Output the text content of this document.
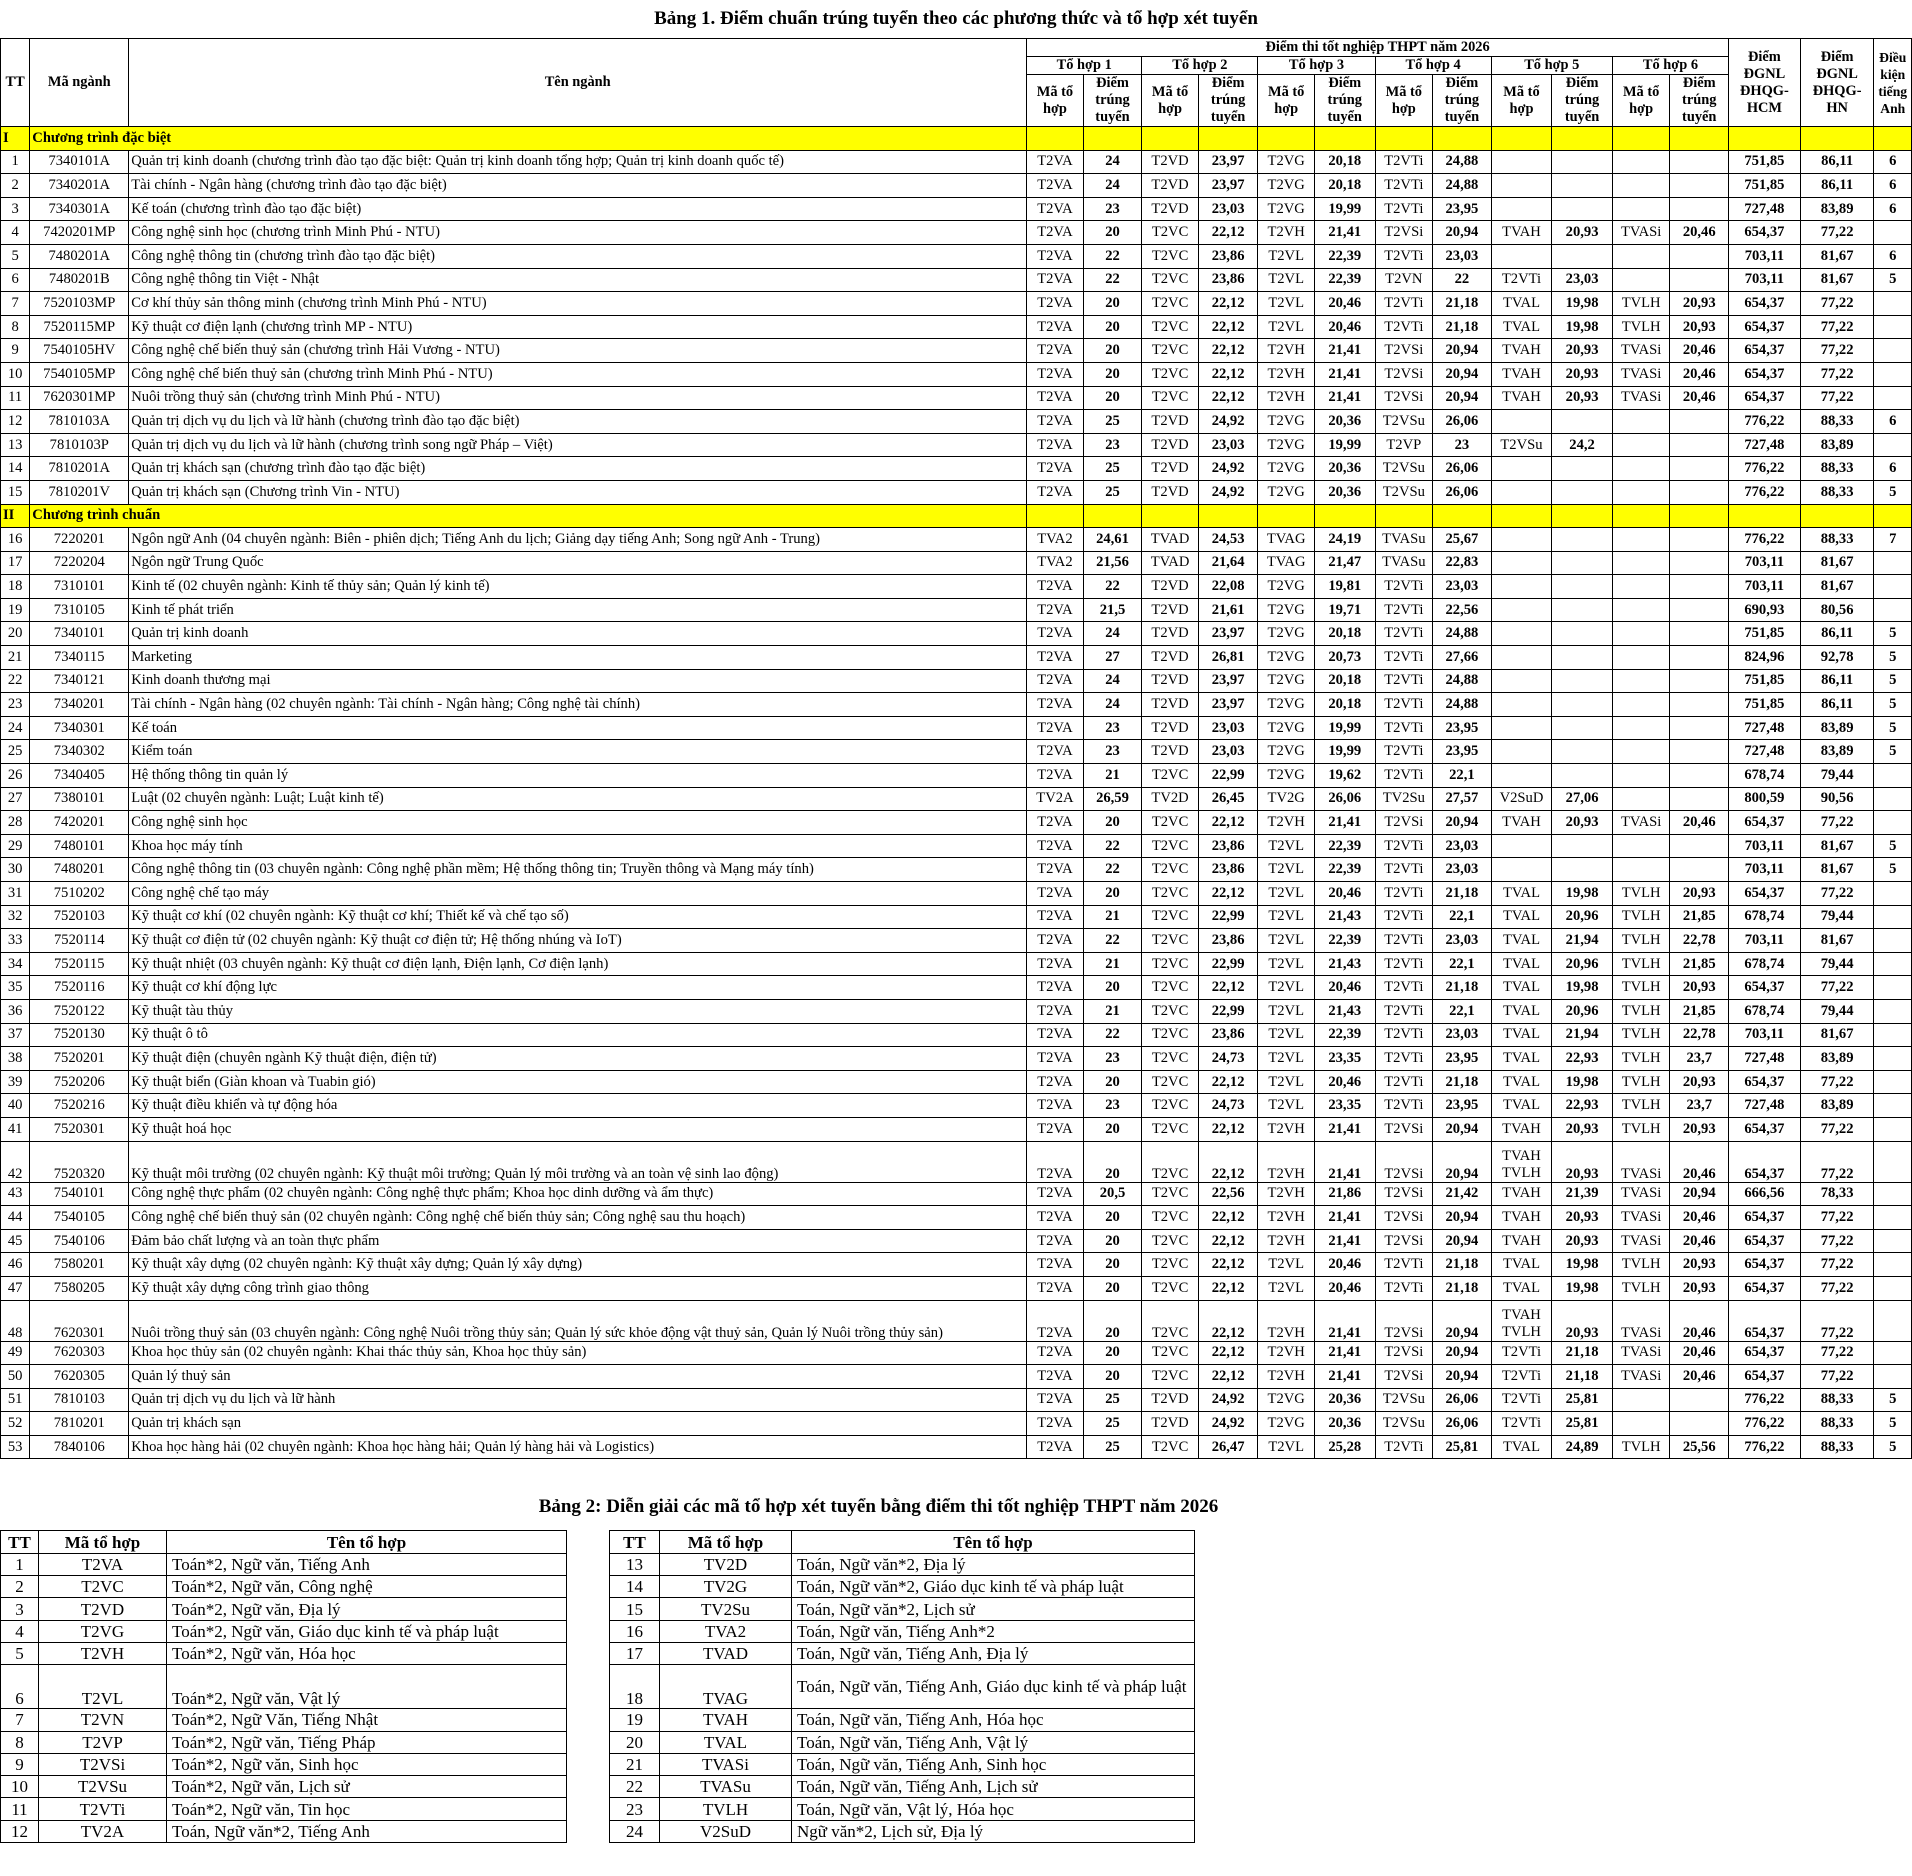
Bảng 1. Điểm chuẩn trúng tuyển theo các phương thức và tổ hợp xét tuyển
TT	Mã ngành	Tên ngành	Điểm thi tốt nghiệp THPT năm 2026												Điểm ĐGNL ĐHQG-HCM	Điểm ĐGNL ĐHQG-HN	Điều kiện tiếng Anh
			Tổ hợp 1		Tổ hợp 2		Tổ hợp 3		Tổ hợp 4		Tổ hợp 5		Tổ hợp 6				
			Mã tổ hợp	Điểm trúng tuyển	Mã tổ hợp	Điểm trúng tuyển	Mã tổ hợp	Điểm trúng tuyển	Mã tổ hợp	Điểm trúng tuyển	Mã tổ hợp	Điểm trúng tuyển	Mã tổ hợp	Điểm trúng tuyển			
I	Chương trình đặc biệt																
1	7340101A	Quản trị kinh doanh (chương trình đào tạo đặc biệt: Quản trị kinh doanh tổng hợp; Quản trị kinh doanh quốc tế)	T2VA	24	T2VD	23,97	T2VG	20,18	T2VTi	24,88					751,85	86,11	6
2	7340201A	Tài chính - Ngân hàng (chương trình đào tạo đặc biệt)	T2VA	24	T2VD	23,97	T2VG	20,18	T2VTi	24,88					751,85	86,11	6
3	7340301A	Kế toán (chương trình đào tạo đặc biệt)	T2VA	23	T2VD	23,03	T2VG	19,99	T2VTi	23,95					727,48	83,89	6
4	7420201MP	Công nghệ sinh học (chương trình Minh Phú - NTU)	T2VA	20	T2VC	22,12	T2VH	21,41	T2VSi	20,94	TVAH	20,93	TVASi	20,46	654,37	77,22	
5	7480201A	Công nghệ thông tin (chương trình đào tạo đặc biệt)	T2VA	22	T2VC	23,86	T2VL	22,39	T2VTi	23,03					703,11	81,67	6
6	7480201B	Công nghệ thông tin Việt - Nhật	T2VA	22	T2VC	23,86	T2VL	22,39	T2VN	22	T2VTi	23,03			703,11	81,67	5
7	7520103MP	Cơ khí thủy sản thông minh (chương trình Minh Phú - NTU)	T2VA	20	T2VC	22,12	T2VL	20,46	T2VTi	21,18	TVAL	19,98	TVLH	20,93	654,37	77,22	
8	7520115MP	Kỹ thuật cơ điện lạnh (chương trình MP - NTU)	T2VA	20	T2VC	22,12	T2VL	20,46	T2VTi	21,18	TVAL	19,98	TVLH	20,93	654,37	77,22	
9	7540105HV	Công nghệ chế biến thuỷ sản (chương trình Hải Vương - NTU)	T2VA	20	T2VC	22,12	T2VH	21,41	T2VSi	20,94	TVAH	20,93	TVASi	20,46	654,37	77,22	
10	7540105MP	Công nghệ chế biến thuỷ sản (chương trình Minh Phú - NTU)	T2VA	20	T2VC	22,12	T2VH	21,41	T2VSi	20,94	TVAH	20,93	TVASi	20,46	654,37	77,22	
11	7620301MP	Nuôi trồng thuỷ sản (chương trình Minh Phú - NTU)	T2VA	20	T2VC	22,12	T2VH	21,41	T2VSi	20,94	TVAH	20,93	TVASi	20,46	654,37	77,22	
12	7810103A	Quản trị dịch vụ du lịch và lữ hành (chương trình đào tạo đặc biệt)	T2VA	25	T2VD	24,92	T2VG	20,36	T2VSu	26,06					776,22	88,33	6
13	7810103P	Quản trị dịch vụ du lịch và lữ hành (chương trình song ngữ Pháp – Việt)	T2VA	23	T2VD	23,03	T2VG	19,99	T2VP	23	T2VSu	24,2			727,48	83,89	
14	7810201A	Quản trị khách sạn (chương trình đào tạo đặc biệt)	T2VA	25	T2VD	24,92	T2VG	20,36	T2VSu	26,06					776,22	88,33	6
15	7810201V	Quản trị khách sạn (Chương trình Vin - NTU)	T2VA	25	T2VD	24,92	T2VG	20,36	T2VSu	26,06					776,22	88,33	5
II	Chương trình chuẩn																
16	7220201	Ngôn ngữ Anh (04 chuyên ngành: Biên - phiên dịch; Tiếng Anh du lịch; Giảng dạy tiếng Anh; Song ngữ Anh - Trung)	TVA2	24,61	TVAD	24,53	TVAG	24,19	TVASu	25,67					776,22	88,33	7
17	7220204	Ngôn ngữ Trung Quốc	TVA2	21,56	TVAD	21,64	TVAG	21,47	TVASu	22,83					703,11	81,67	
18	7310101	Kinh tế (02 chuyên ngành: Kinh tế thủy sản; Quản lý kinh tế)	T2VA	22	T2VD	22,08	T2VG	19,81	T2VTi	23,03					703,11	81,67	
19	7310105	Kinh tế phát triển	T2VA	21,5	T2VD	21,61	T2VG	19,71	T2VTi	22,56					690,93	80,56	
20	7340101	Quản trị kinh doanh	T2VA	24	T2VD	23,97	T2VG	20,18	T2VTi	24,88					751,85	86,11	5
21	7340115	Marketing	T2VA	27	T2VD	26,81	T2VG	20,73	T2VTi	27,66					824,96	92,78	5
22	7340121	Kinh doanh thương mại	T2VA	24	T2VD	23,97	T2VG	20,18	T2VTi	24,88					751,85	86,11	5
23	7340201	Tài chính - Ngân hàng (02 chuyên ngành: Tài chính - Ngân hàng; Công nghệ tài chính)	T2VA	24	T2VD	23,97	T2VG	20,18	T2VTi	24,88					751,85	86,11	5
24	7340301	Kế toán	T2VA	23	T2VD	23,03	T2VG	19,99	T2VTi	23,95					727,48	83,89	5
25	7340302	Kiểm toán	T2VA	23	T2VD	23,03	T2VG	19,99	T2VTi	23,95					727,48	83,89	5
26	7340405	Hệ thống thông tin quản lý	T2VA	21	T2VC	22,99	T2VG	19,62	T2VTi	22,1					678,74	79,44	
27	7380101	Luật (02 chuyên ngành: Luật; Luật kinh tế)	TV2A	26,59	TV2D	26,45	TV2G	26,06	TV2Su	27,57	V2SuD	27,06			800,59	90,56	
28	7420201	Công nghệ sinh học	T2VA	20	T2VC	22,12	T2VH	21,41	T2VSi	20,94	TVAH	20,93	TVASi	20,46	654,37	77,22	
29	7480101	Khoa học máy tính	T2VA	22	T2VC	23,86	T2VL	22,39	T2VTi	23,03					703,11	81,67	5
30	7480201	Công nghệ thông tin (03 chuyên ngành: Công nghệ phần mềm; Hệ thống thông tin; Truyền thông và Mạng máy tính)	T2VA	22	T2VC	23,86	T2VL	22,39	T2VTi	23,03					703,11	81,67	5
31	7510202	Công nghệ chế tạo máy	T2VA	20	T2VC	22,12	T2VL	20,46	T2VTi	21,18	TVAL	19,98	TVLH	20,93	654,37	77,22	
32	7520103	Kỹ thuật cơ khí (02 chuyên ngành: Kỹ thuật cơ khí; Thiết kế và chế tạo số)	T2VA	21	T2VC	22,99	T2VL	21,43	T2VTi	22,1	TVAL	20,96	TVLH	21,85	678,74	79,44	
33	7520114	Kỹ thuật cơ điện tử (02 chuyên ngành: Kỹ thuật cơ điện tử; Hệ thống nhúng và IoT)	T2VA	22	T2VC	23,86	T2VL	22,39	T2VTi	23,03	TVAL	21,94	TVLH	22,78	703,11	81,67	
34	7520115	Kỹ thuật nhiệt (03 chuyên ngành: Kỹ thuật cơ điện lạnh, Điện lạnh, Cơ điện lạnh)	T2VA	21	T2VC	22,99	T2VL	21,43	T2VTi	22,1	TVAL	20,96	TVLH	21,85	678,74	79,44	
35	7520116	Kỹ thuật cơ khí động lực	T2VA	20	T2VC	22,12	T2VL	20,46	T2VTi	21,18	TVAL	19,98	TVLH	20,93	654,37	77,22	
36	7520122	Kỹ thuật tàu thủy	T2VA	21	T2VC	22,99	T2VL	21,43	T2VTi	22,1	TVAL	20,96	TVLH	21,85	678,74	79,44	
37	7520130	Kỹ thuật ô tô	T2VA	22	T2VC	23,86	T2VL	22,39	T2VTi	23,03	TVAL	21,94	TVLH	22,78	703,11	81,67	
38	7520201	Kỹ thuật điện (chuyên ngành Kỹ thuật điện, điện tử)	T2VA	23	T2VC	24,73	T2VL	23,35	T2VTi	23,95	TVAL	22,93	TVLH	23,7	727,48	83,89	
39	7520206	Kỹ thuật biển (Giàn khoan và Tuabin gió)	T2VA	20	T2VC	22,12	T2VL	20,46	T2VTi	21,18	TVAL	19,98	TVLH	20,93	654,37	77,22	
40	7520216	Kỹ thuật điều khiển và tự động hóa	T2VA	23	T2VC	24,73	T2VL	23,35	T2VTi	23,95	TVAL	22,93	TVLH	23,7	727,48	83,89	
41	7520301	Kỹ thuật hoá học	T2VA	20	T2VC	22,12	T2VH	21,41	T2VSi	20,94	TVAH	20,93	TVLH	20,93	654,37	77,22	
42	7520320	Kỹ thuật môi trường (02 chuyên ngành: Kỹ thuật môi trường; Quản lý môi trường và an toàn vệ sinh lao động)	T2VA	20	T2VC	22,12	T2VH	21,41	T2VSi	20,94	TVAH TVLH	20,93	TVASi	20,46	654,37	77,22	
43	7540101	Công nghệ thực phẩm (02 chuyên ngành: Công nghệ thực phẩm; Khoa học dinh dưỡng và ẩm thực)	T2VA	20,5	T2VC	22,56	T2VH	21,86	T2VSi	21,42	TVAH	21,39	TVASi	20,94	666,56	78,33	
44	7540105	Công nghệ chế biến thuỷ sản (02 chuyên ngành: Công nghệ chế biến thủy sản; Công nghệ sau thu hoạch)	T2VA	20	T2VC	22,12	T2VH	21,41	T2VSi	20,94	TVAH	20,93	TVASi	20,46	654,37	77,22	
45	7540106	Đảm bảo chất lượng và an toàn thực phẩm	T2VA	20	T2VC	22,12	T2VH	21,41	T2VSi	20,94	TVAH	20,93	TVASi	20,46	654,37	77,22	
46	7580201	Kỹ thuật xây dựng (02 chuyên ngành: Kỹ thuật xây dựng; Quản lý xây dựng)	T2VA	20	T2VC	22,12	T2VL	20,46	T2VTi	21,18	TVAL	19,98	TVLH	20,93	654,37	77,22	
47	7580205	Kỹ thuật xây dựng công trình giao thông	T2VA	20	T2VC	22,12	T2VL	20,46	T2VTi	21,18	TVAL	19,98	TVLH	20,93	654,37	77,22	
48	7620301	Nuôi trồng thuỷ sản (03 chuyên ngành: Công nghệ Nuôi trồng thủy sản; Quản lý sức khỏe động vật thuỷ sản, Quản lý Nuôi trồng thủy sản)	T2VA	20	T2VC	22,12	T2VH	21,41	T2VSi	20,94	TVAH TVLH	20,93	TVASi	20,46	654,37	77,22	
49	7620303	Khoa học thủy sản (02 chuyên ngành: Khai thác thủy sản, Khoa học thủy sản)	T2VA	20	T2VC	22,12	T2VH	21,41	T2VSi	20,94	T2VTi	21,18	TVASi	20,46	654,37	77,22	
50	7620305	Quản lý thuỷ sản	T2VA	20	T2VC	22,12	T2VH	21,41	T2VSi	20,94	T2VTi	21,18	TVASi	20,46	654,37	77,22	
51	7810103	Quản trị dịch vụ du lịch và lữ hành	T2VA	25	T2VD	24,92	T2VG	20,36	T2VSu	26,06	T2VTi	25,81			776,22	88,33	5
52	7810201	Quản trị khách sạn	T2VA	25	T2VD	24,92	T2VG	20,36	T2VSu	26,06	T2VTi	25,81			776,22	88,33	5
53	7840106	Khoa học hàng hải (02 chuyên ngành: Khoa học hàng hải; Quản lý hàng hải và Logistics)	T2VA	25	T2VC	26,47	T2VL	25,28	T2VTi	25,81	TVAL	24,89	TVLH	25,56	776,22	88,33	5
Bảng 2: Diễn giải các mã tổ hợp xét tuyển bằng điểm thi tốt nghiệp THPT năm 2026
TT	Mã tổ hợp	Tên tổ hợp
1	T2VA	Toán*2, Ngữ văn, Tiếng Anh
2	T2VC	Toán*2, Ngữ văn, Công nghệ
3	T2VD	Toán*2, Ngữ văn, Địa lý
4	T2VG	Toán*2, Ngữ văn, Giáo dục kinh tế và pháp luật
5	T2VH	Toán*2, Ngữ văn, Hóa học
6	T2VL	Toán*2, Ngữ văn, Vật lý
7	T2VN	Toán*2, Ngữ Văn, Tiếng Nhật
8	T2VP	Toán*2, Ngữ văn, Tiếng Pháp
9	T2VSi	Toán*2, Ngữ văn, Sinh học
10	T2VSu	Toán*2, Ngữ văn, Lịch sử
11	T2VTi	Toán*2, Ngữ văn, Tin học
12	TV2A	Toán, Ngữ văn*2, Tiếng Anh
TT	Mã tổ hợp	Tên tổ hợp
13	TV2D	Toán, Ngữ văn*2, Địa lý
14	TV2G	Toán, Ngữ văn*2, Giáo dục kinh tế và pháp luật
15	TV2Su	Toán, Ngữ văn*2, Lịch sử
16	TVA2	Toán, Ngữ văn, Tiếng Anh*2
17	TVAD	Toán, Ngữ văn, Tiếng Anh, Địa lý
18	TVAG	Toán, Ngữ văn, Tiếng Anh, Giáo dục kinh tế và pháp luật
19	TVAH	Toán, Ngữ văn, Tiếng Anh, Hóa học
20	TVAL	Toán, Ngữ văn, Tiếng Anh, Vật lý
21	TVASi	Toán, Ngữ văn, Tiếng Anh, Sinh học
22	TVASu	Toán, Ngữ văn, Tiếng Anh, Lịch sử
23	TVLH	Toán, Ngữ văn, Vật lý, Hóa học
24	V2SuD	Ngữ văn*2, Lịch sử, Địa lý
